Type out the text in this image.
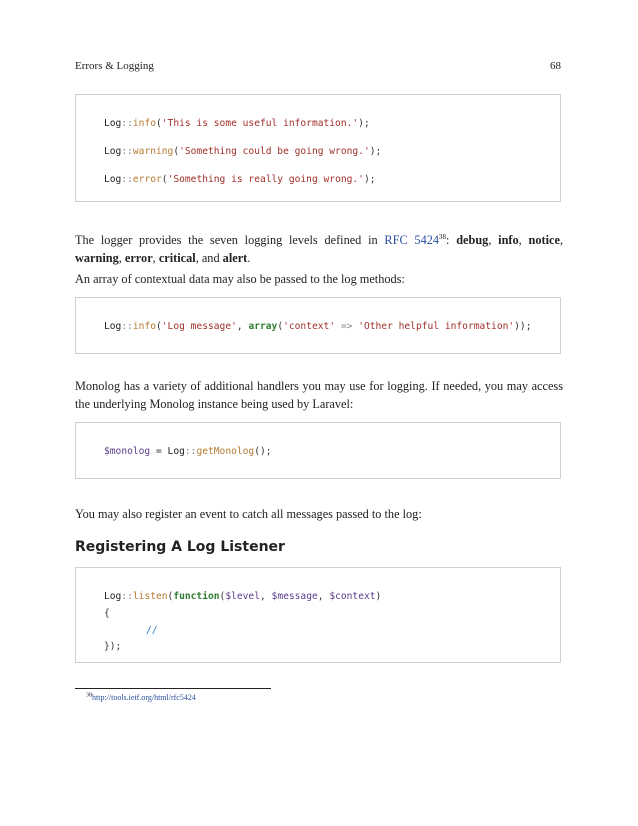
Errors & Logging	68
Log::info('This is some useful information.');
Log::warning('Something could be going wrong.');
Log::error('Something is really going wrong.');
The logger provides the seven logging levels defined in RFC 5424$^{38}$: debug, info, notice, warning, error, critical, and alert.
An array of contextual data may also be passed to the log methods:
Log::info('Log message', array('context' => 'Other helpful information'));
Monolog has a variety of additional handlers you may use for logging. If needed, you may access the underlying Monolog instance being used by Laravel:
$monolog = Log::getMonolog();
You may also register an event to catch all messages passed to the log:
Registering A Log Listener
Log::listen(function($level, $message, $context)
{
//
});
$^{38}$http://tools.ietf.org/html/rfc5424
